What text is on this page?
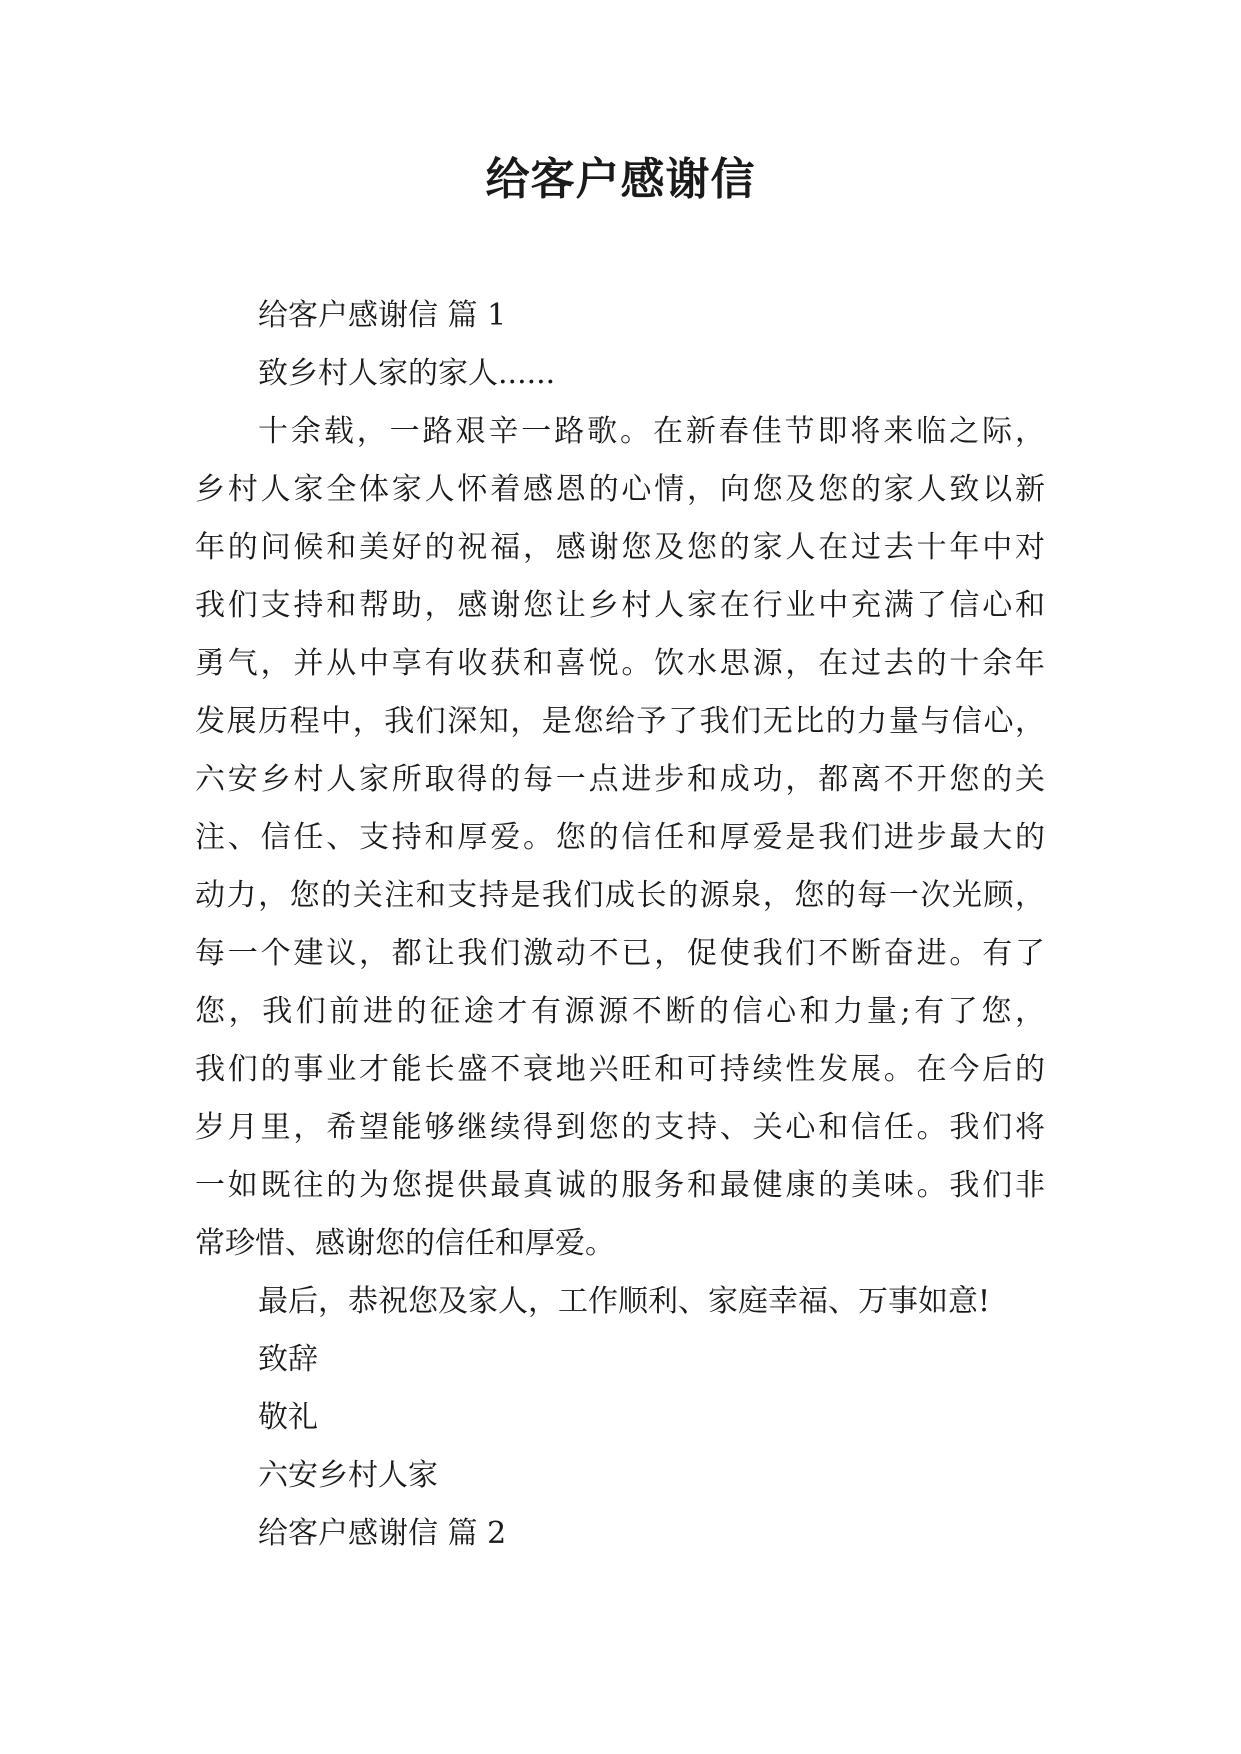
给客户感谢信

给客户感谢信 篇 1

致乡村人家的家人......

十余载，一路艰辛一路歌。在新春佳节即将来临之际，

乡村人家全体家人怀着感恩的心情，向您及您的家人致以新

年的问候和美好的祝福，感谢您及您的家人在过去十年中对

我们支持和帮助，感谢您让乡村人家在行业中充满了信心和

勇气，并从中享有收获和喜悦。饮水思源，在过去的十余年

发展历程中，我们深知，是您给予了我们无比的力量与信心，

六安乡村人家所取得的每一点进步和成功，都离不开您的关

注、信任、支持和厚爱。您的信任和厚爱是我们进步最大的

动力，您的关注和支持是我们成长的源泉，您的每一次光顾，

每一个建议，都让我们激动不已，促使我们不断奋进。有了

您，我们前进的征途才有源源不断的信心和力量;有了您，

我们的事业才能长盛不衰地兴旺和可持续性发展。在今后的

岁月里，希望能够继续得到您的支持、关心和信任。我们将

一如既往的为您提供最真诚的服务和最健康的美味。我们非

常珍惜、感谢您的信任和厚爱。

最后，恭祝您及家人，工作顺利、家庭幸福、万事如意!

致辞

敬礼

六安乡村人家

给客户感谢信 篇 2
